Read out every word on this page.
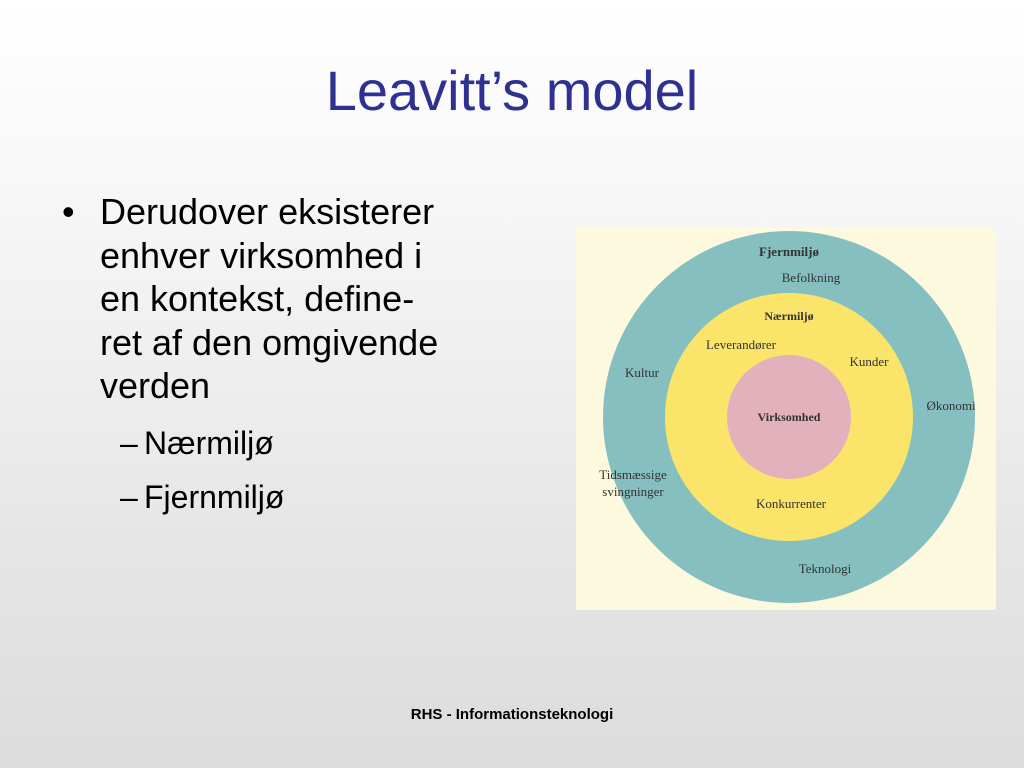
Leavitt’s model
• Derudover eksisterer
enhver virksomhed i
en kontekst, define-
ret af den omgivende
verden
– Nærmiljø
– Fjernmiljø
Fjernmiljø
Befolkning
Kultur
Økonomi
Tidsmæssige
svingninger
Teknologi
Nærmiljø
Leverandører
Kunder
Konkurrenter
Virksomhed
RHS - Informationsteknologi
